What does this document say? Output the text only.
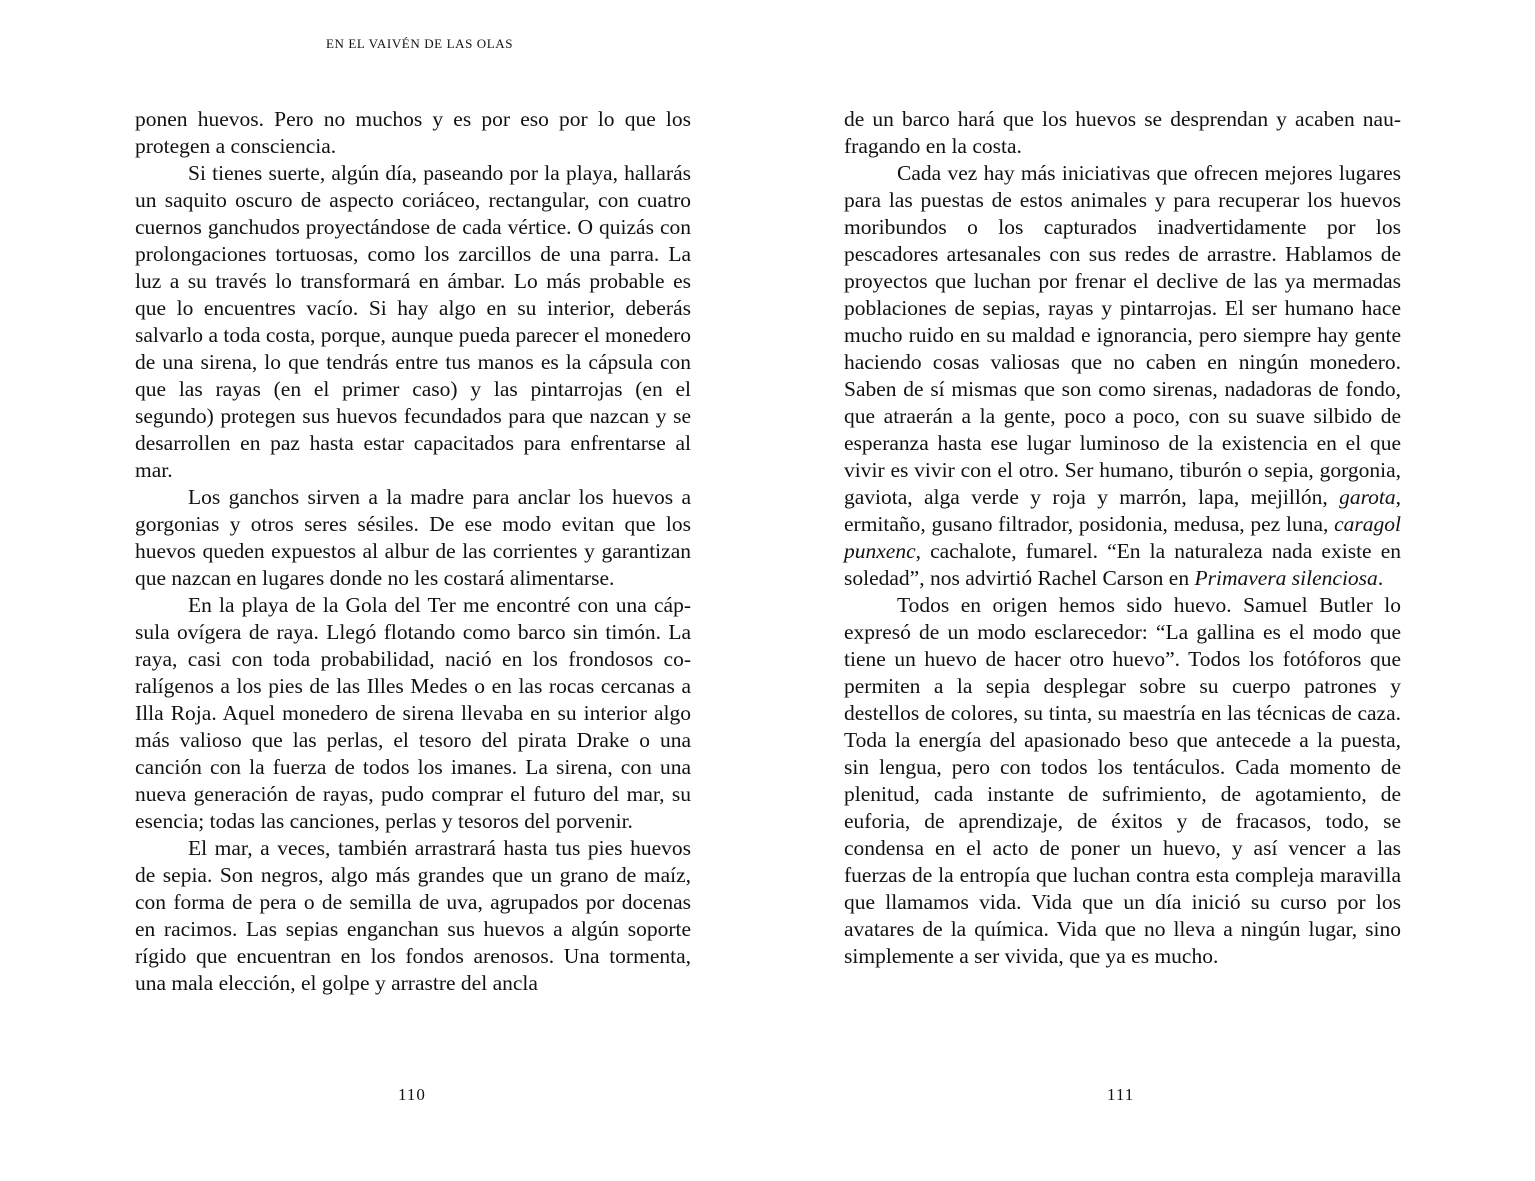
EN EL VAIVÉN DE LAS OLAS

ponen huevos. Pero no muchos y es por eso por lo que los protegen a consciencia.

Si tienes suerte, algún día, paseando por la playa, hallarás un saquito oscuro de aspecto coriáceo, rectangular, con cuatro cuernos ganchudos proyectándose de cada vértice. O quizás con prolongaciones tortuosas, como los zarcillos de una parra. La luz a su través lo transformará en ámbar. Lo más probable es que lo encuentres vacío. Si hay algo en su interior, deberás salvarlo a toda costa, porque, aunque pueda parecer el monedero de una sirena, lo que tendrás entre tus manos es la cápsula con que las rayas (en el primer caso) y las pintarrojas (en el segundo) protegen sus huevos fecundados para que nazcan y se desarrollen en paz hasta estar capacitados para enfrentarse al mar.

Los ganchos sirven a la madre para anclar los huevos a gorgonias y otros seres sésiles. De ese modo evitan que los huevos queden expuestos al albur de las corrientes y garantizan que nazcan en lugares donde no les costará alimentarse.

En la playa de la Gola del Ter me encontré con una cápsula ovígera de raya. Llegó flotando como barco sin timón. La raya, casi con toda probabilidad, nació en los frondosos coralígenos a los pies de las Illes Medes o en las rocas cercanas a Illa Roja. Aquel monedero de sirena llevaba en su interior algo más valioso que las perlas, el tesoro del pirata Drake o una canción con la fuerza de todos los imanes. La sirena, con una nueva generación de rayas, pudo comprar el futuro del mar, su esencia; todas las canciones, perlas y tesoros del porvenir.

El mar, a veces, también arrastrará hasta tus pies huevos de sepia. Son negros, algo más grandes que un grano de maíz, con forma de pera o de semilla de uva, agrupados por docenas en racimos. Las sepias enganchan sus huevos a algún soporte rígido que encuentran en los fondos arenosos. Una tormenta, una mala elección, el golpe y arrastre del ancla

110

de un barco hará que los huevos se desprendan y acaben naufragando en la costa.

Cada vez hay más iniciativas que ofrecen mejores lugares para las puestas de estos animales y para recuperar los huevos moribundos o los capturados inadvertidamente por los pescadores artesanales con sus redes de arrastre. Hablamos de proyectos que luchan por frenar el declive de las ya mermadas poblaciones de sepias, rayas y pintarrojas. El ser humano hace mucho ruido en su maldad e ignorancia, pero siempre hay gente haciendo cosas valiosas que no caben en ningún monedero. Saben de sí mismas que son como sirenas, nadadoras de fondo, que atraerán a la gente, poco a poco, con su suave silbido de esperanza hasta ese lugar luminoso de la existencia en el que vivir es vivir con el otro. Ser humano, tiburón o sepia, gorgonia, gaviota, alga verde y roja y marrón, lapa, mejillón, garota, ermitaño, gusano filtrador, posidonia, medusa, pez luna, caragol punxenc, cachalote, fumarel. “En la naturaleza nada existe en soledad”, nos advirtió Rachel Carson en Primavera silenciosa.

Todos en origen hemos sido huevo. Samuel Butler lo expresó de un modo esclarecedor: “La gallina es el modo que tiene un huevo de hacer otro huevo”. Todos los fotóforos que permiten a la sepia desplegar sobre su cuerpo patrones y destellos de colores, su tinta, su maestría en las técnicas de caza. Toda la energía del apasionado beso que antecede a la puesta, sin lengua, pero con todos los tentáculos. Cada momento de plenitud, cada instante de sufrimiento, de agotamiento, de euforia, de aprendizaje, de éxitos y de fracasos, todo, se condensa en el acto de poner un huevo, y así vencer a las fuerzas de la entropía que luchan contra esta compleja maravilla que llamamos vida. Vida que un día inició su curso por los avatares de la química. Vida que no lleva a ningún lugar, sino simplemente a ser vivida, que ya es mucho.

111
